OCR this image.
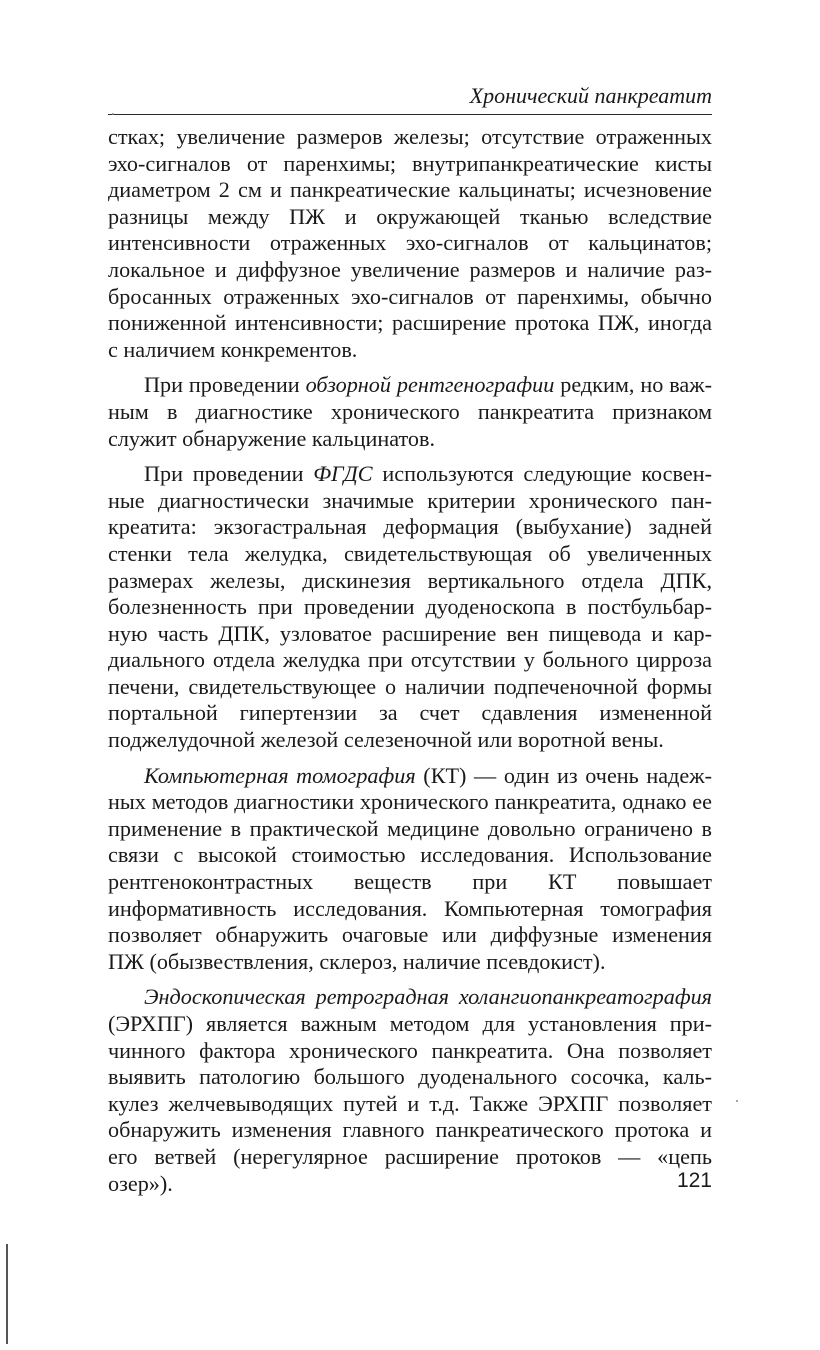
Хронический панкреатит

стках; увеличение размеров железы; отсутствие отраженных эхо-сигналов от паренхимы; внутрипанкреатические кисты диаметром 2 см и панкреатические кальцинаты; исчезновение разницы между ПЖ и окружающей тканью вследствие интенсивности отраженных эхо-сигналов от кальцинатов; локальное и диффузное увеличение размеров и наличие разбросанных отраженных эхо-сигналов от паренхимы, обычно пониженной интенсивности; расширение протока ПЖ, иногда с наличием конкрементов.

При проведении обзорной рентгенографии редким, но важным в диагностике хронического панкреатита признаком служит обнаружение кальцинатов.

При проведении ФГДС используются следующие косвенные диагностически значимые критерии хронического панкреатита: экзогастральная деформация (выбухание) задней стенки тела желудка, свидетельствующая об увеличенных размерах железы, дискинезия вертикального отдела ДПК, болезненность при проведении дуоденоскопа в постбульбарную часть ДПК, узловатое расширение вен пищевода и кардиального отдела желудка при отсутствии у больного цирроза печени, свидетельствующее о наличии подпеченочной формы портальной гипертензии за счет сдавления измененной поджелудочной железой селезеночной или воротной вены.

Компьютерная томография (КТ) — один из очень надежных методов диагностики хронического панкреатита, однако ее применение в практической медицине довольно ограничено в связи с высокой стоимостью исследования. Использование рентгеноконтрастных веществ при КТ повышает информативность исследования. Компьютерная томография позволяет обнаружить очаговые или диффузные изменения ПЖ (обызвествления, склероз, наличие псевдокист).

Эндоскопическая ретроградная холангиопанкреатография (ЭРХПГ) является важным методом для установления причинного фактора хронического панкреатита. Она позволяет выявить патологию большого дуоденального сосочка, калькулез желчевыводящих путей и т.д. Также ЭРХПГ позволяет обнаружить изменения главного панкреатического протока и его ветвей (нерегулярное расширение протоков — «цепь озер»).	121
